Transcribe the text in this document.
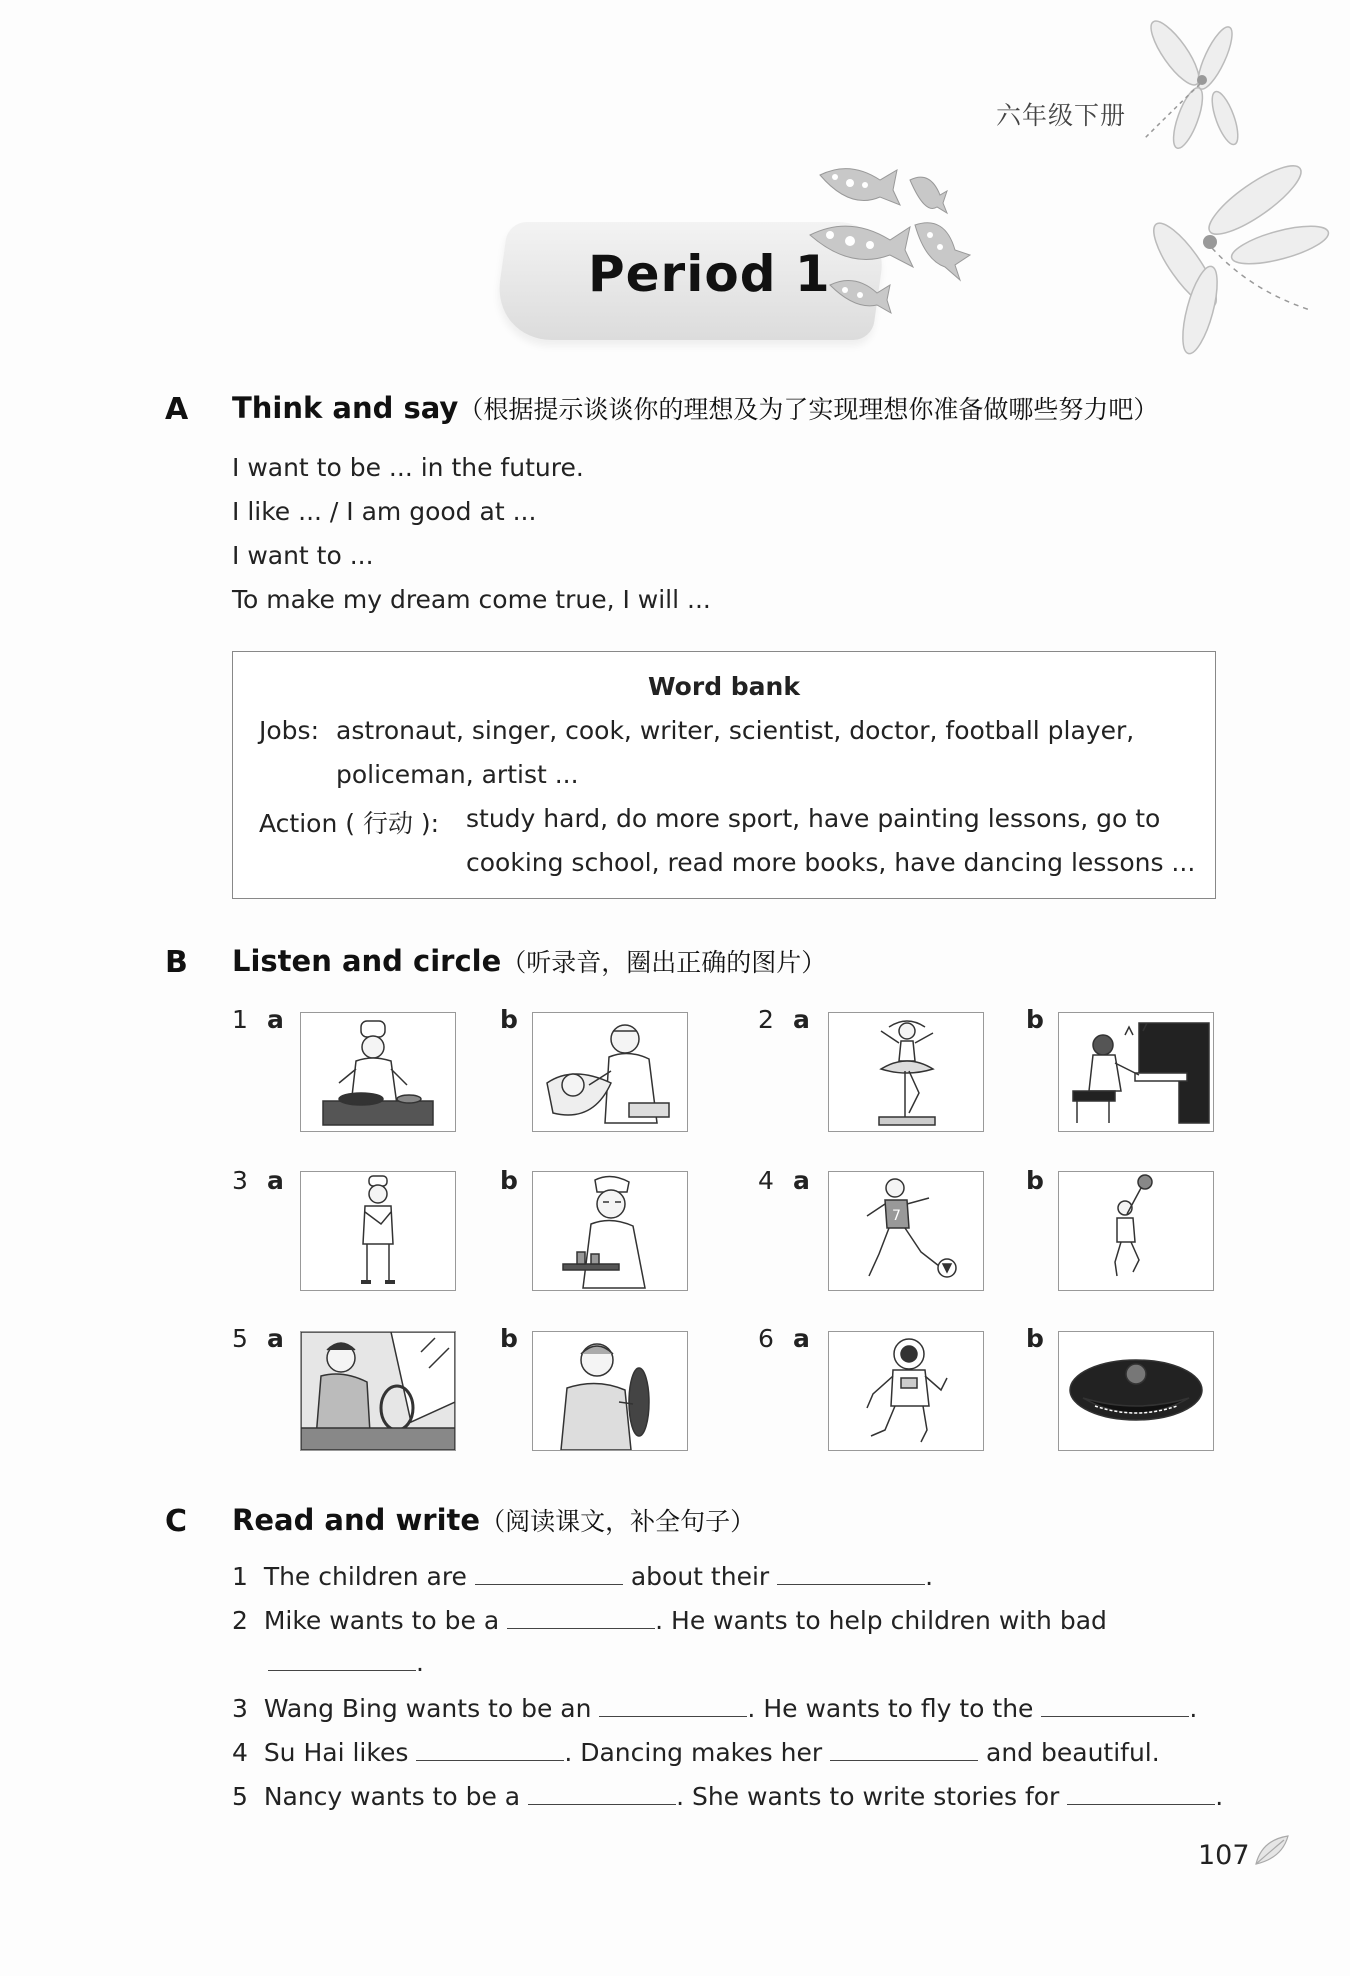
六年级下册
Period 1
A Think and say（根据提示谈谈你的理想及为了实现理想你准备做哪些努力吧）
I want to be ... in the future.
I like ... / I am good at ...
I want to ...
To make my dream come true, I will ...
Word bank
Jobs: astronaut, singer, cook, writer, scientist, doctor, football player,
policeman, artist ...
Action ( 行动 ): study hard, do more sport, have painting lessons, go to
cooking school, read more books, have dancing lessons ...
B Listen and circle（听录音，圈出正确的图片）
1 a	b	2 a	b
3 a	b	4 a
7
b
5 a	b	6 a	b
C Read and write（阅读课文，补全句子）
1 The children are	about their	.
2 Mike wants to be a	. He wants to help children with bad
.
3 Wang Bing wants to be an	. He wants to fly to the	.
4 Su Hai likes	. Dancing makes her	and beautiful.
5 Nancy wants to be a	. She wants to write stories for	.
107
